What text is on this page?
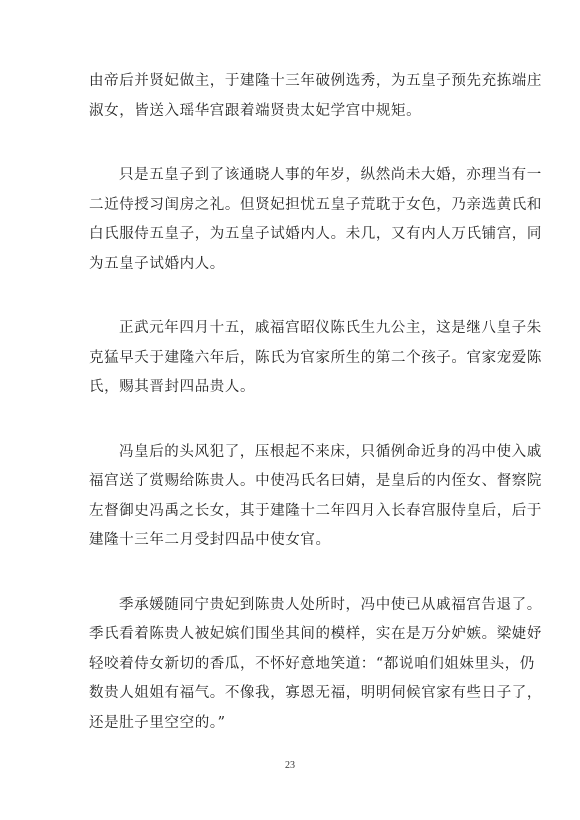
由帝后并贤妃做主，于建隆十三年破例选秀，为五皇子预先充拣端庄
淑女，皆送入瑶华宫跟着端贤贵太妃学宫中规矩。

只是五皇子到了该通晓人事的年岁，纵然尚未大婚，亦理当有一
二近侍授习闺房之礼。但贤妃担忧五皇子荒耽于女色，乃亲选黄氏和
白氏服侍五皇子，为五皇子试婚内人。未几，又有内人万氏铺宫，同
为五皇子试婚内人。

正武元年四月十五，戚福宫昭仪陈氏生九公主，这是继八皇子朱
克猛早夭于建隆六年后，陈氏为官家所生的第二个孩子。官家宠爱陈
氏，赐其晋封四品贵人。

冯皇后的头风犯了，压根起不来床，只循例命近身的冯中使入戚
福宫送了赏赐给陈贵人。中使冯氏名曰婧，是皇后的内侄女、督察院
左督御史冯禹之长女，其于建隆十二年四月入长春宫服侍皇后，后于
建隆十三年二月受封四品中使女官。

季承媛随同宁贵妃到陈贵人处所时，冯中使已从戚福宫告退了。
季氏看着陈贵人被妃嫔们围坐其间的模样，实在是万分妒嫉。梁婕妤
轻咬着侍女新切的香瓜，不怀好意地笑道：“都说咱们姐妹里头，仍
数贵人姐姐有福气。不像我，寡恩无福，明明伺候官家有些日子了，
还是肚子里空空的。”

23
